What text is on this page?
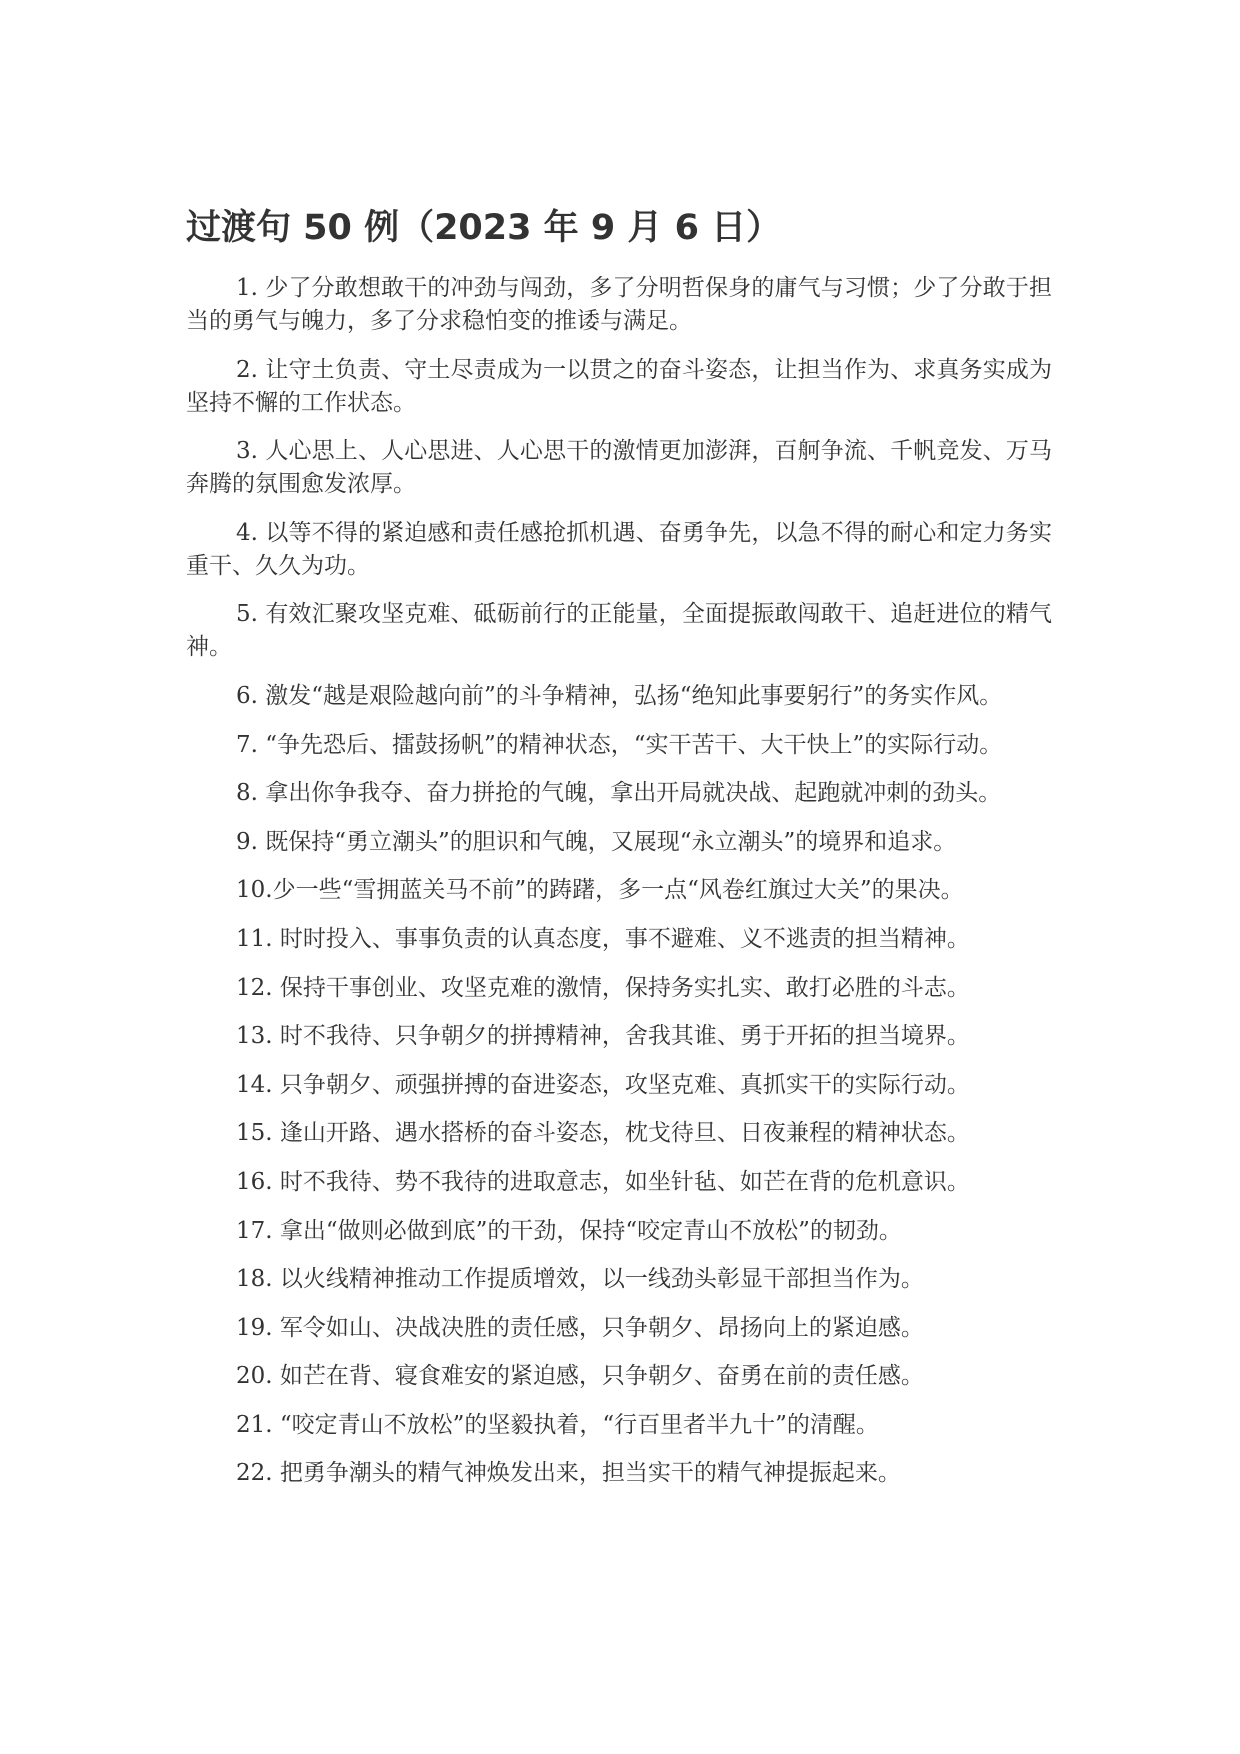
过渡句 50 例（2023 年 9 月 6 日）
1. 少了分敢想敢干的冲劲与闯劲，多了分明哲保身的庸气与习惯；少了分敢于担当的勇气与魄力，多了分求稳怕变的推诿与满足。
2. 让守土负责、守土尽责成为一以贯之的奋斗姿态，让担当作为、求真务实成为坚持不懈的工作状态。
3. 人心思上、人心思进、人心思干的激情更加澎湃，百舸争流、千帆竞发、万马奔腾的氛围愈发浓厚。
4. 以等不得的紧迫感和责任感抢抓机遇、奋勇争先，以急不得的耐心和定力务实重干、久久为功。
5. 有效汇聚攻坚克难、砥砺前行的正能量，全面提振敢闯敢干、追赶进位的精气神。
6. 激发“越是艰险越向前”的斗争精神，弘扬“绝知此事要躬行”的务实作风。
7. “争先恐后、擂鼓扬帆”的精神状态，“实干苦干、大干快上”的实际行动。
8. 拿出你争我夺、奋力拼抢的气魄，拿出开局就决战、起跑就冲刺的劲头。
9. 既保持“勇立潮头”的胆识和气魄，又展现“永立潮头”的境界和追求。
10.少一些“雪拥蓝关马不前”的踌躇，多一点“风卷红旗过大关”的果决。
11. 时时投入、事事负责的认真态度，事不避难、义不逃责的担当精神。
12. 保持干事创业、攻坚克难的激情，保持务实扎实、敢打必胜的斗志。
13. 时不我待、只争朝夕的拼搏精神，舍我其谁、勇于开拓的担当境界。
14. 只争朝夕、顽强拼搏的奋进姿态，攻坚克难、真抓实干的实际行动。
15. 逢山开路、遇水搭桥的奋斗姿态，枕戈待旦、日夜兼程的精神状态。
16. 时不我待、势不我待的进取意志，如坐针毡、如芒在背的危机意识。
17. 拿出“做则必做到底”的干劲，保持“咬定青山不放松”的韧劲。
18. 以火线精神推动工作提质增效，以一线劲头彰显干部担当作为。
19. 军令如山、决战决胜的责任感，只争朝夕、昂扬向上的紧迫感。
20. 如芒在背、寝食难安的紧迫感，只争朝夕、奋勇在前的责任感。
21. “咬定青山不放松”的坚毅执着，“行百里者半九十”的清醒。
22. 把勇争潮头的精气神焕发出来，担当实干的精气神提振起来。
